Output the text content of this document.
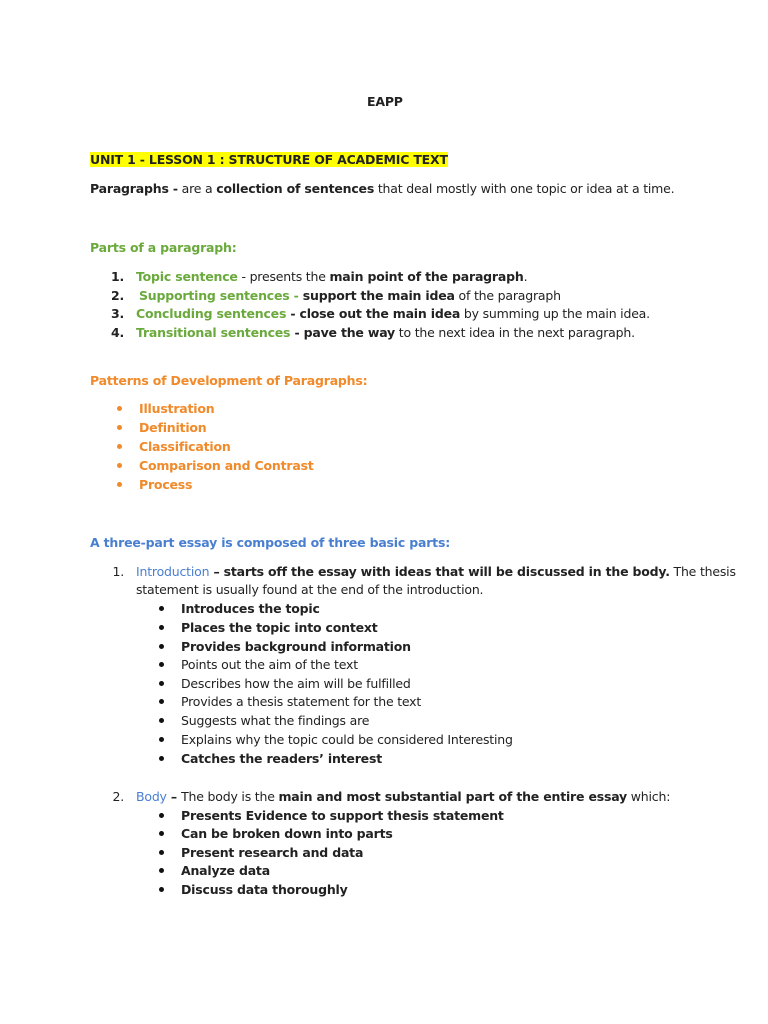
EAPP
UNIT 1 - LESSON 1 : STRUCTURE OF ACADEMIC TEXT
Paragraphs - are a collection of sentences that deal mostly with one topic or idea at a time.
Parts of a paragraph:
1. Topic sentence - presents the main point of the paragraph.
2. Supporting sentences - support the main idea of the paragraph
3. Concluding sentences - close out the main idea by summing up the main idea.
4. Transitional sentences - pave the way to the next idea in the next paragraph.
Patterns of Development of Paragraphs:
Illustration
Definition
Classification
Comparison and Contrast
Process
A three-part essay is composed of three basic parts:
1. Introduction – starts off the essay with ideas that will be discussed in the body. The thesis
statement is usually found at the end of the introduction.
Introduces the topic
Places the topic into context
Provides background information
Points out the aim of the text
Describes how the aim will be fulfilled
Provides a thesis statement for the text
Suggests what the findings are
Explains why the topic could be considered Interesting
Catches the readers’ interest
2. Body – The body is the main and most substantial part of the entire essay which:
Presents Evidence to support thesis statement
Can be broken down into parts
Present research and data
Analyze data
Discuss data thoroughly
